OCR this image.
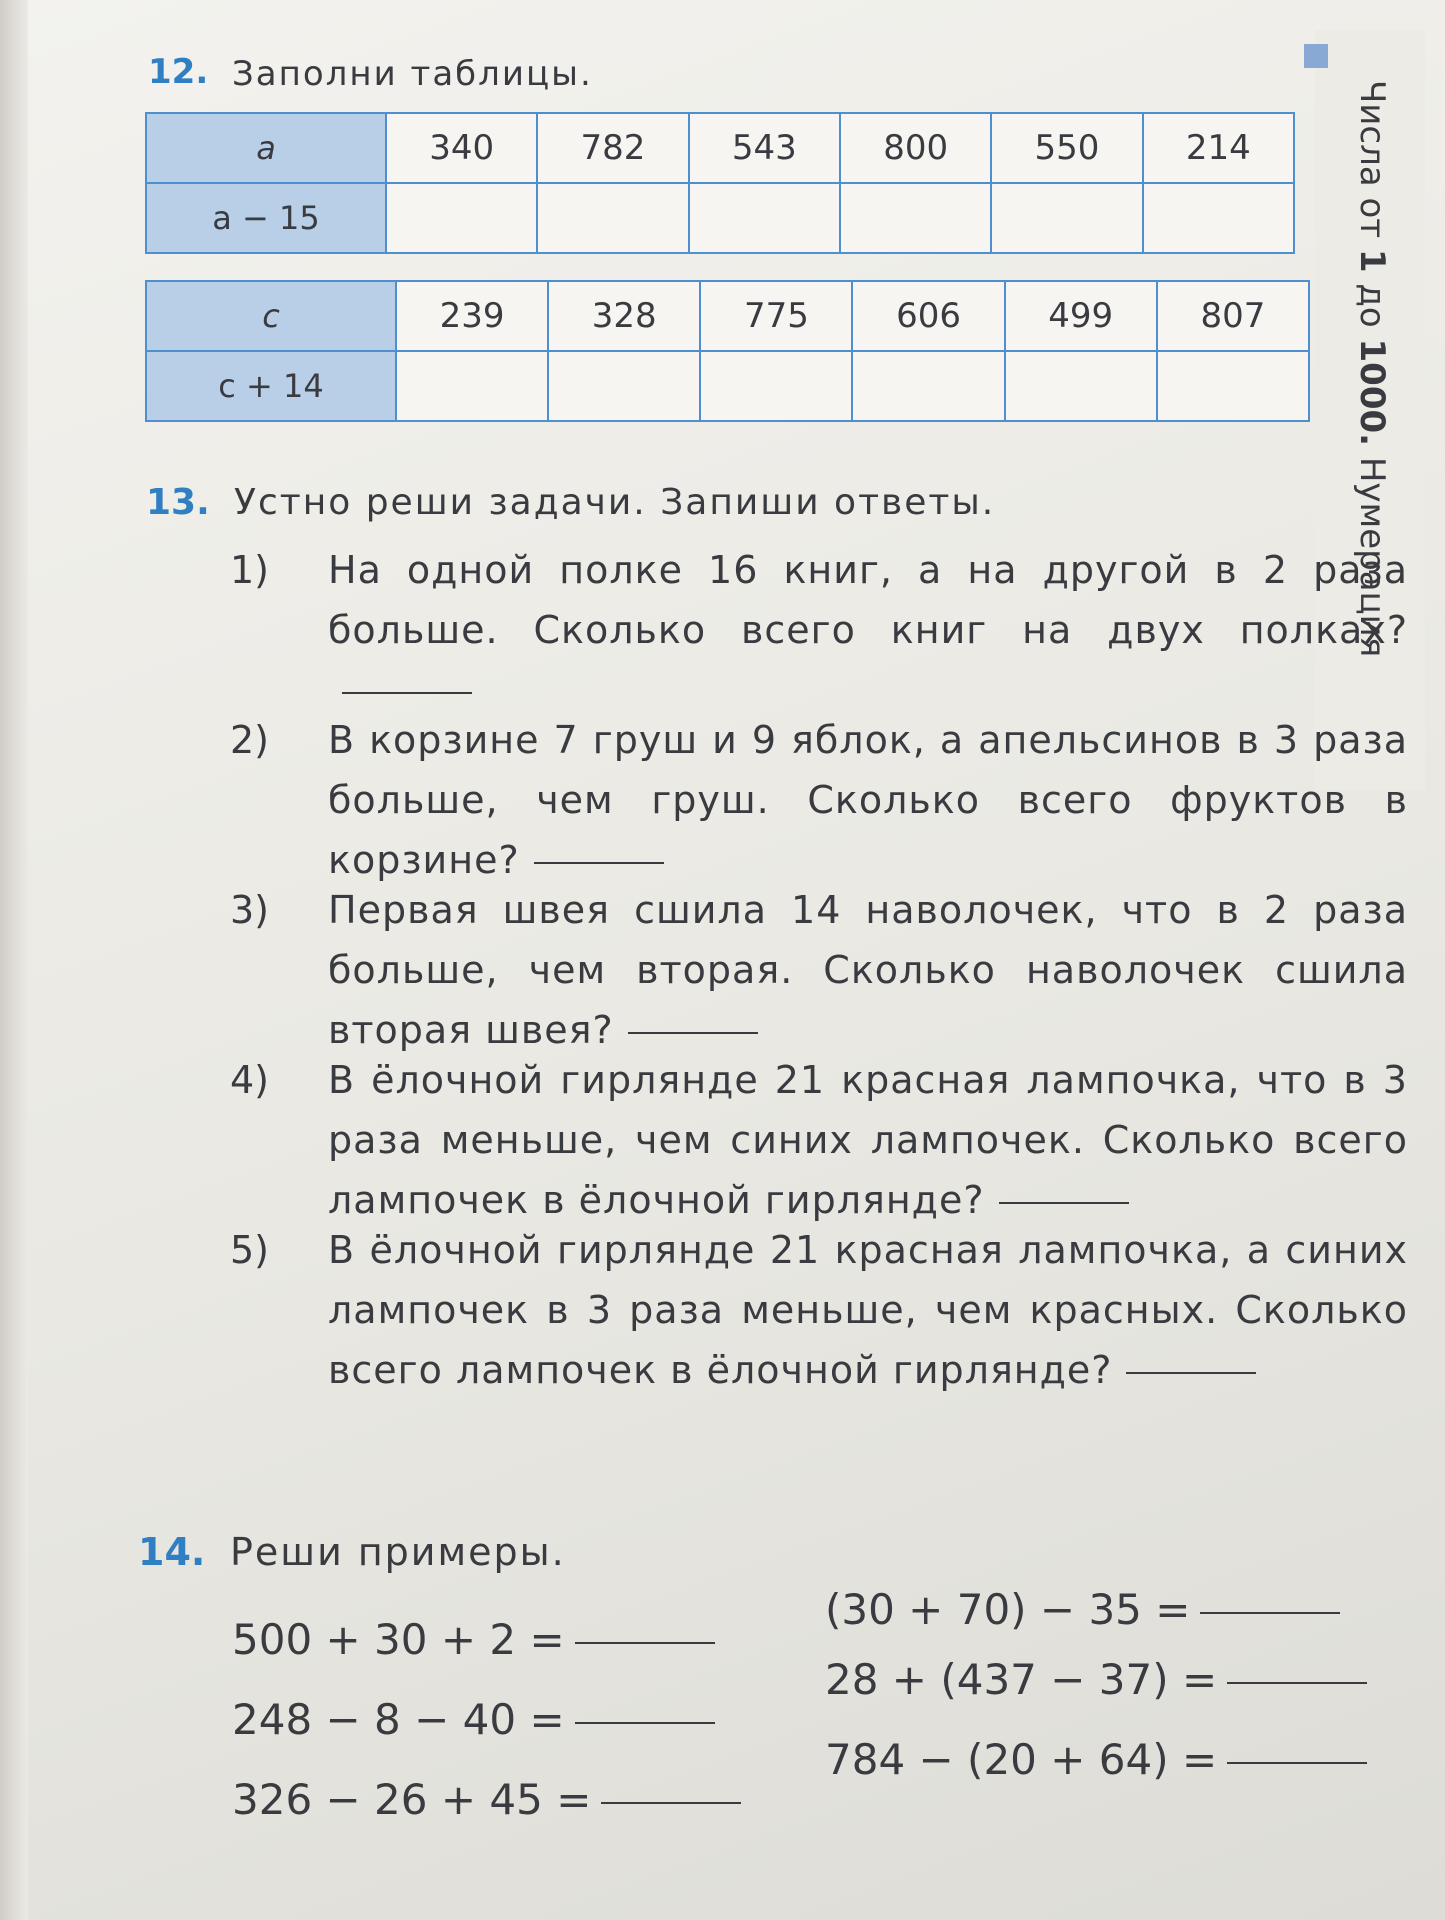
Числа от 1 до 1000. Нумерация
12. Заполни таблицы.
a	340	782	543	800	550	214
a − 15						
c	239	328	775	606	499	807
c + 14						
13. Устно реши задачи. Запиши ответы.
1)	На одной полке 16 книг, а на другой в 2 раза больше. Сколько всего книг на двух полках?
2)	В корзине 7 груш и 9 яблок, а апельсинов в 3 раза больше, чем груш. Сколько всего фруктов в корзине?
3)	Первая швея сшила 14 наволочек, что в 2 раза больше, чем вторая. Сколько наволочек сшила вторая швея?
4)	В ёлочной гирлянде 21 красная лампочка, что в 3 раза меньше, чем синих лампочек. Сколько всего лампочек в ёлочной гирлянде?
5)	В ёлочной гирлянде 21 красная лампочка, а синих лампочек в 3 раза меньше, чем красных. Сколько всего лампочек в ёлочной гирлянде?
14. Реши примеры.
500 + 30 + 2 =
248 − 8 − 40 =
326 − 26 + 45 =
(30 + 70) − 35 =
28 + (437 − 37) =
784 − (20 + 64) =
